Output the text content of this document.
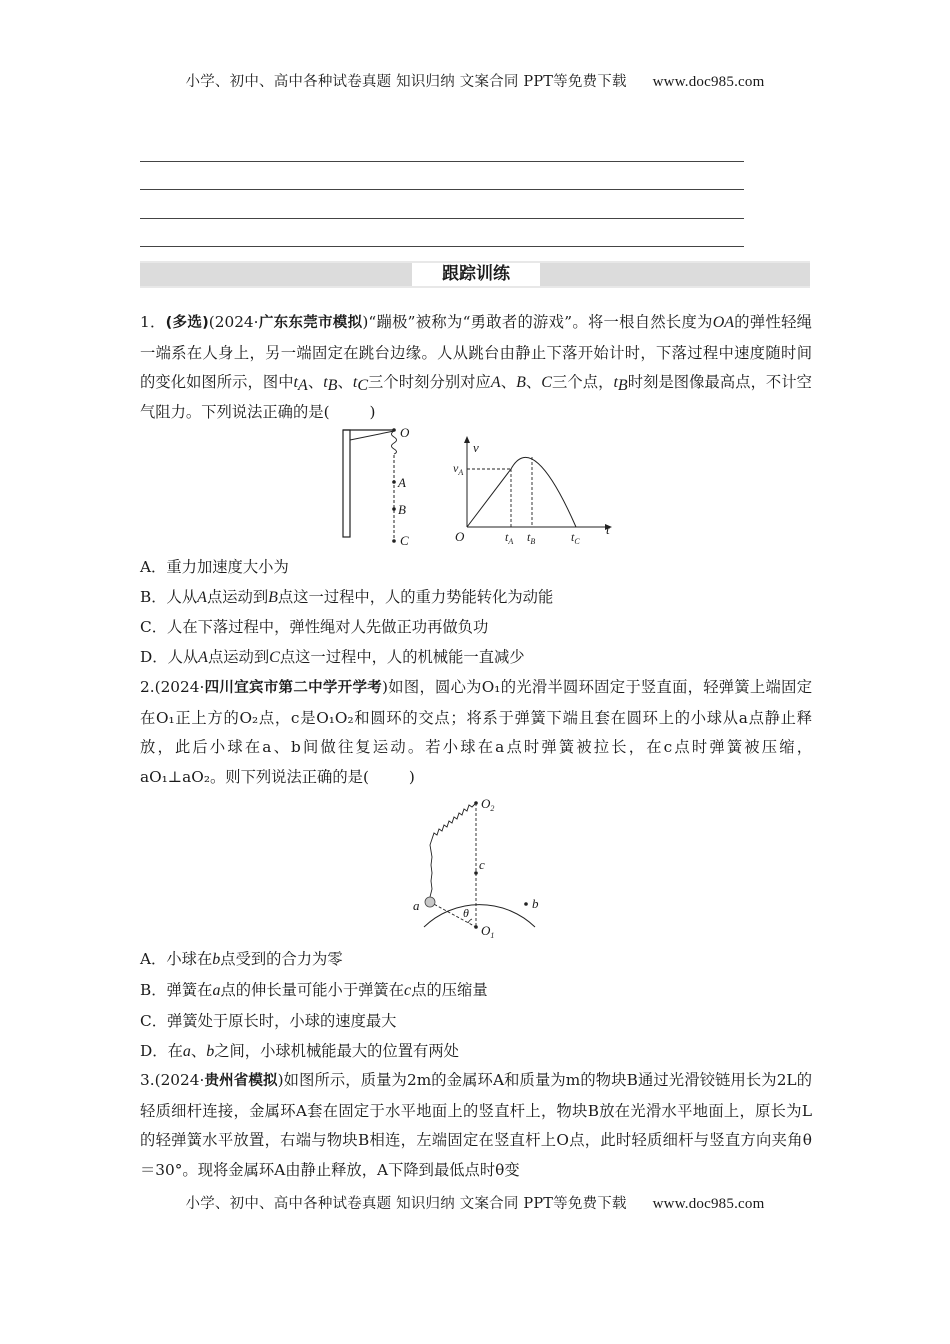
小学、初中、高中各种试卷真题 知识归纳 文案合同 PPT等免费下载 www.doc985.com
跟踪训练
1．(多选)(2024·广东东莞市模拟)“蹦极”被称为“勇敢者的游戏”。将一根自然长度为OA的弹性轻绳一端系在人身上，另一端固定在跳台边缘。人从跳台由静止下落开始计时，下落过程中速度随时间的变化如图所示，图中$t_A$、$t_B$、$t_C$三个时刻分别对应A、B、C三个点，$t_B$时刻是图像最高点，不计空气阻力。下列说法正确的是(	)
O
A
B
C
v
t
O
$v_A$
$t_A$ $t_B$	$t_C$
A．重力加速度大小为
B．人从A点运动到B点这一过程中，人的重力势能转化为动能
C．人在下落过程中，弹性绳对人先做正功再做负功
D．人从A点运动到C点这一过程中，人的机械能一直减少
2.(2024·四川宜宾市第二中学开学考)如图，圆心为O₁的光滑半圆环固定于竖直面，轻弹簧上端固定在O₁正上方的O₂点，c是O₁O₂和圆环的交点；将系于弹簧下端且套在圆环上的小球从a点静止释放，此后小球在a、b间做往复运动。若小球在a点时弹簧被拉长，在c点时弹簧被压缩，aO₁⊥aO₂。则下列说法正确的是(	)
$O_2$
c
a	b
θ
$O_1$
A．小球在b点受到的合力为零
B．弹簧在a点的伸长量可能小于弹簧在c点的压缩量
C．弹簧处于原长时，小球的速度最大
D．在a、b之间，小球机械能最大的位置有两处
3.(2024·贵州省模拟)如图所示，质量为2m的金属环A和质量为m的物块B通过光滑铰链用长为2L的轻质细杆连接，金属环A套在固定于水平地面上的竖直杆上，物块B放在光滑水平地面上，原长为L的轻弹簧水平放置，右端与物块B相连，左端固定在竖直杆上O点，此时轻质细杆与竖直方向夹角θ＝30°。现将金属环A由静止释放，A下降到最低点时θ变
小学、初中、高中各种试卷真题 知识归纳 文案合同 PPT等免费下载 www.doc985.com
